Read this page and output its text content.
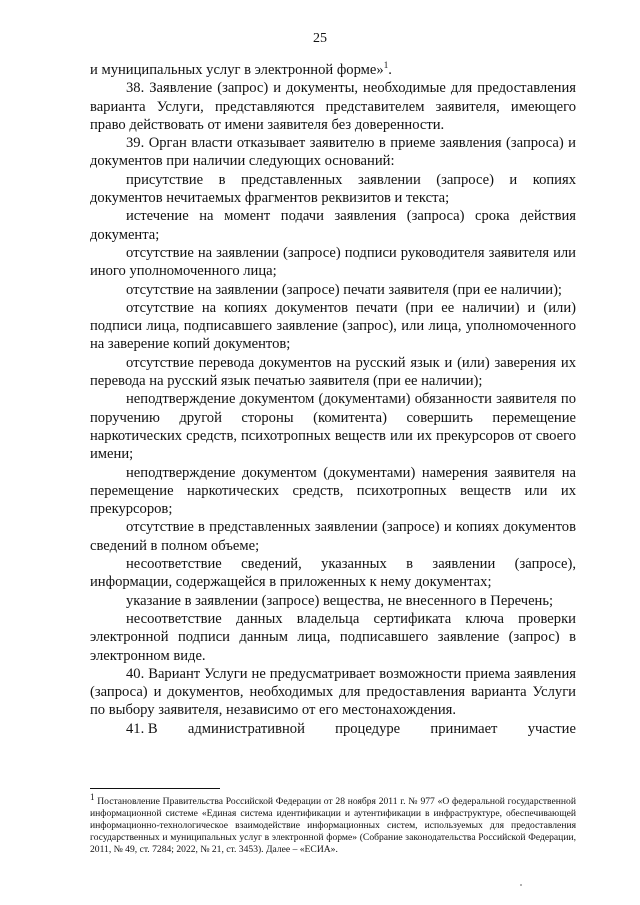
25

и муниципальных услуг в электронной форме»$^1$.

38. Заявление (запрос) и документы, необходимые для предоставления варианта Услуги, представляются представителем заявителя, имеющего право действовать от имени заявителя без доверенности.

39. Орган власти отказывает заявителю в приеме заявления (запроса) и документов при наличии следующих оснований:

присутствие в представленных заявлении (запросе) и копиях документов нечитаемых фрагментов реквизитов и текста;

истечение на момент подачи заявления (запроса) срока действия документа;

отсутствие на заявлении (запросе) подписи руководителя заявителя или иного уполномоченного лица;

отсутствие на заявлении (запросе) печати заявителя (при ее наличии);

отсутствие на копиях документов печати (при ее наличии) и (или) подписи лица, подписавшего заявление (запрос), или лица, уполномоченного на заверение копий документов;

отсутствие перевода документов на русский язык и (или) заверения их перевода на русский язык печатью заявителя (при ее наличии);

неподтверждение документом (документами) обязанности заявителя по поручению другой стороны (комитента) совершить перемещение наркотических средств, психотропных веществ или их прекурсоров от своего имени;

неподтверждение документом (документами) намерения заявителя на перемещение наркотических средств, психотропных веществ или их прекурсоров;

отсутствие в представленных заявлении (запросе) и копиях документов сведений в полном объеме;

несоответствие сведений, указанных в заявлении (запросе), информации, содержащейся в приложенных к нему документах;

указание в заявлении (запросе) вещества, не внесенного в Перечень;

несоответствие данных владельца сертификата ключа проверки электронной подписи данным лица, подписавшего заявление (запрос) в электронном виде.

40. Вариант Услуги не предусматривает возможности приема заявления (запроса) и документов, необходимых для предоставления варианта Услуги по выбору заявителя, независимо от его местонахождения.

41. В административной процедуре принимает участие

$^1$ Постановление Правительства Российской Федерации от 28 ноября 2011 г. № 977 «О федеральной государственной информационной системе «Единая система идентификации и аутентификации в инфраструктуре, обеспечивающей информационно-технологическое взаимодействие информационных систем, используемых для предоставления государственных и муниципальных услуг в электронной форме» (Собрание законодательства Российской Федерации, 2011, № 49, ст. 7284; 2022, № 21, ст. 3453). Далее – «ЕСИА».
